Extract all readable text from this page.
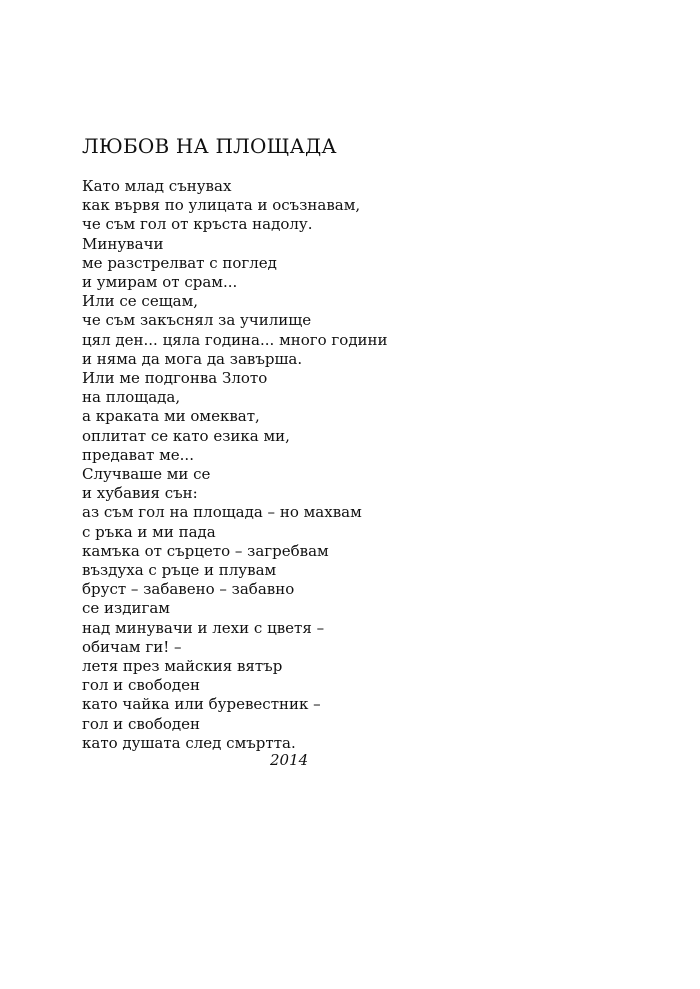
ЛЮБОВ НА ПЛОЩАДА
Като млад сънувах
как вървя по улицата и осъзнавам,
че съм гол от кръста надолу.
Минувачи
ме разстрелват с поглед
и умирам от срам...
Или се сещам,
че съм закъснял за училище
цял ден... цяла година... много години
и няма да мога да завърша.
Или ме подгонва Злото
на площада,
а краката ми омекват,
оплитат се като езика ми,
предават ме...
Случваше ми се
и хубавия сън:
аз съм гол на площада – но махвам
с ръка и ми пада
камъка от сърцето – загребвам
въздуха с ръце и плувам
бруст – забавено – забавно
се издигам
над минувачи и лехи с цветя –
обичам ги! –
летя през майския вятър
гол и свободен
като чайка или буревестник –
гол и свободен
като душата след смъртта.

2014
